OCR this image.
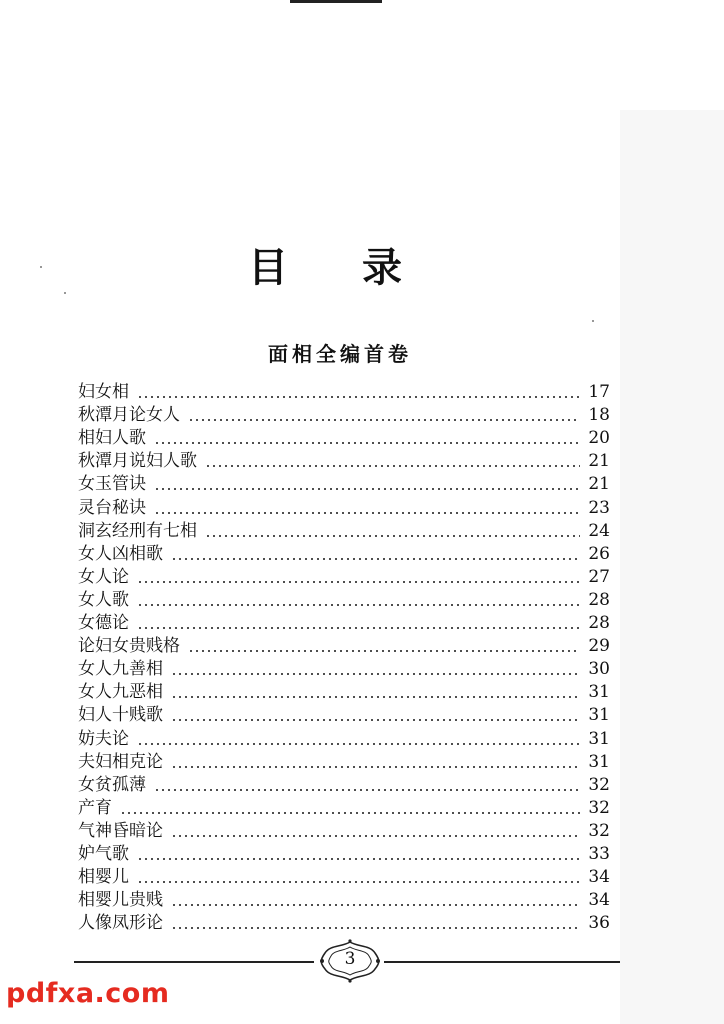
目 录
面相全编首卷
妇女相	17
秋潭月论女人	18
相妇人歌	20
秋潭月说妇人歌	21
女玉管诀	21
灵台秘诀	23
洞玄经刑有七相	24
女人凶相歌	26
女人论	27
女人歌	28
女德论	28
论妇女贵贱格	29
女人九善相	30
女人九恶相	31
妇人十贱歌	31
妨夫论	31
夫妇相克论	31
女贫孤薄	32
产育	32
气神昏暗论	32
妒气歌	33
相婴儿	34
相婴儿贵贱	34
人像凤形论	36
3
pdfxa.com
